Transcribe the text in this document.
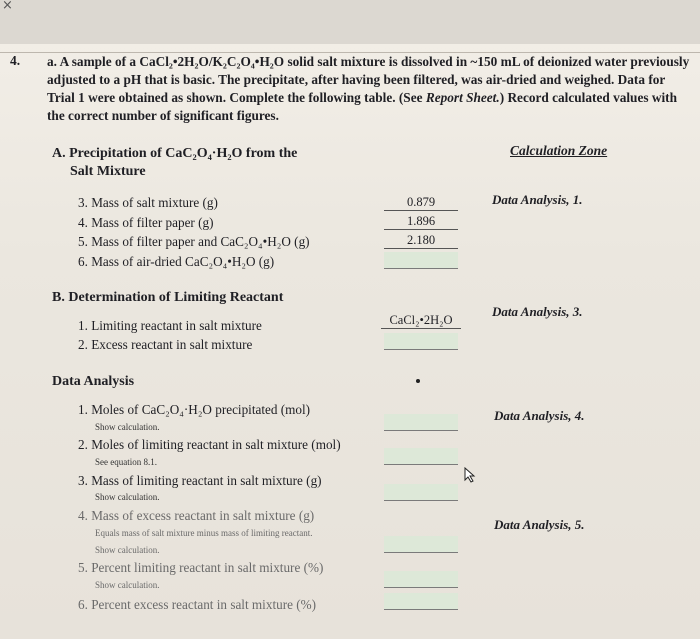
×
4. a. A sample of a CaCl₂•2H₂O/K₂C₂O₄•H₂O solid salt mixture is dissolved in ~150 mL of deionized water previously adjusted to a pH that is basic. The precipitate, after having been filtered, was air-dried and weighed. Data for Trial 1 were obtained as shown. Complete the following table. (See Report Sheet.) Record calculated values with the correct number of significant figures.
Calculation Zone
A. Precipitation of CaC₂O₄·H₂O from the
Salt Mixture
Data Analysis, 1.
3. Mass of salt mixture (g)
4. Mass of filter paper (g)
5. Mass of filter paper and CaC₂O₄•H₂O (g)
6. Mass of air-dried CaC₂O₄•H₂O (g)
0.879
1.896
2.180
B. Determination of Limiting Reactant
Data Analysis, 3.
1. Limiting reactant in salt mixture
2. Excess reactant in salt mixture
CaCl₂•2H₂O
Data Analysis
Data Analysis, 4.
Data Analysis, 5.
1. Moles of CaC₂O₄·H₂O precipitated (mol)
Show calculation.
2. Moles of limiting reactant in salt mixture (mol)
See equation 8.1.
3. Mass of limiting reactant in salt mixture (g)
Show calculation.
4. Mass of excess reactant in salt mixture (g)
Equals mass of salt mixture minus mass of limiting reactant.
Show calculation.
5. Percent limiting reactant in salt mixture (%)
Show calculation.
6. Percent excess reactant in salt mixture (%)
